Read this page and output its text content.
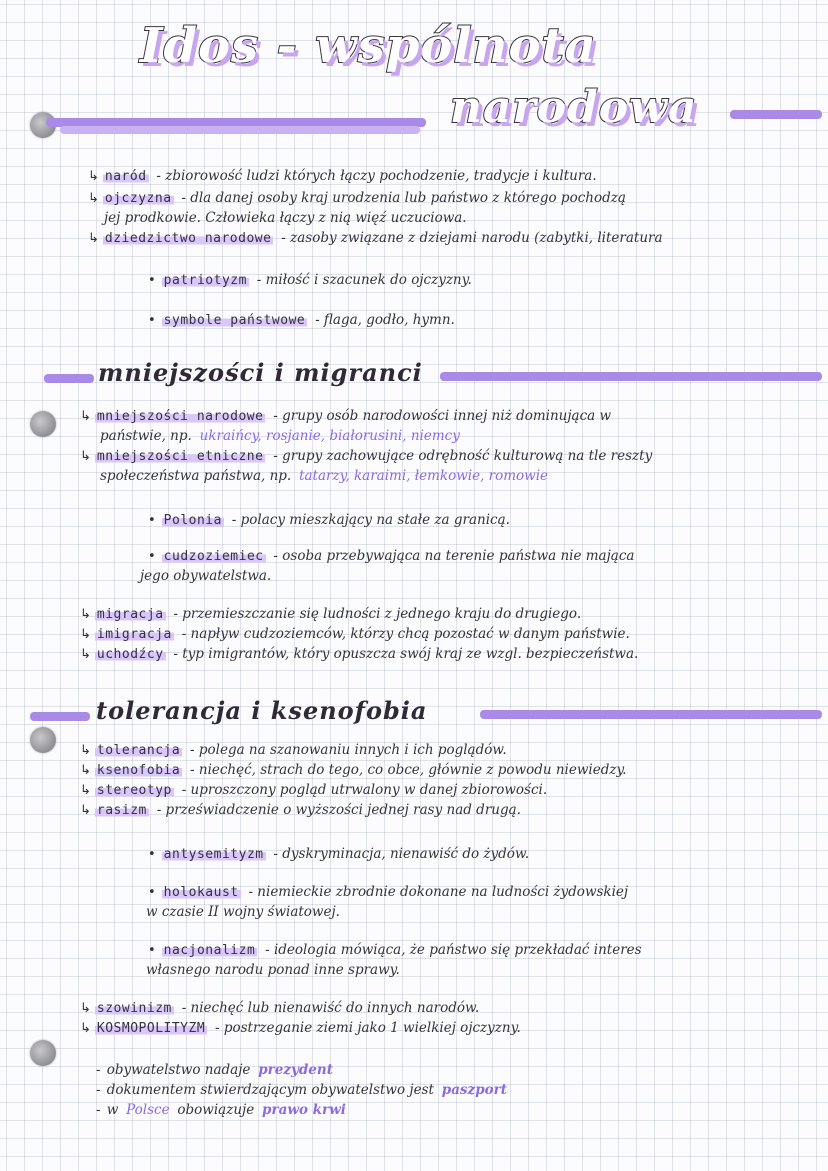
Idos - wspólnota
narodowa
↳ naród - zbiorowość ludzi których łączy pochodzenie, tradycje i kultura.
↳ ojczyzna - dla danej osoby kraj urodzenia lub państwo z którego pochodzą
jej prodkowie. Człowieka łączy z nią więź uczuciowa.
↳ dziedzictwo narodowe - zasoby związane z dziejami narodu (zabytki, literatura
• patriotyzm - miłość i szacunek do ojczyzny.
• symbole państwowe - flaga, godło, hymn.
mniejszości i migranci
↳ mniejszości narodowe - grupy osób narodowości innej niż dominująca w
państwie, np. ukraińcy, rosjanie, białorusini, niemcy
↳ mniejszości etniczne - grupy zachowujące odrębność kulturową na tle reszty
społeczeństwa państwa, np. tatarzy, karaimi, łemkowie, romowie
• Polonia - polacy mieszkający na stałe za granicą.
• cudzoziemiec - osoba przebywająca na terenie państwa nie mająca
jego obywatelstwa.
↳ migracja - przemieszczanie się ludności z jednego kraju do drugiego.
↳ imigracja - napływ cudzoziemców, którzy chcą pozostać w danym państwie.
↳ uchodźcy - typ imigrantów, który opuszcza swój kraj ze wzgl. bezpieczeństwa.
tolerancja i ksenofobia
↳ tolerancja - polega na szanowaniu innych i ich poglądów.
↳ ksenofobia - niechęć, strach do tego, co obce, głównie z powodu niewiedzy.
↳ stereotyp - uproszczony pogląd utrwalony w danej zbiorowości.
↳ rasizm - przeświadczenie o wyższości jednej rasy nad drugą.
• antysemityzm - dyskryminacja, nienawiść do żydów.
• holokaust - niemieckie zbrodnie dokonane na ludności żydowskiej
w czasie II wojny światowej.
• nacjonalizm - ideologia mówiąca, że państwo się przekładać interes
własnego narodu ponad inne sprawy.
↳ szowinizm - niechęć lub nienawiść do innych narodów.
↳ KOSMOPOLITYZM - postrzeganie ziemi jako 1 wielkiej ojczyzny.
- obywatelstwo nadaje prezydent
- dokumentem stwierdzającym obywatelstwo jest paszport
- w Polsce obowiązuje prawo krwi
